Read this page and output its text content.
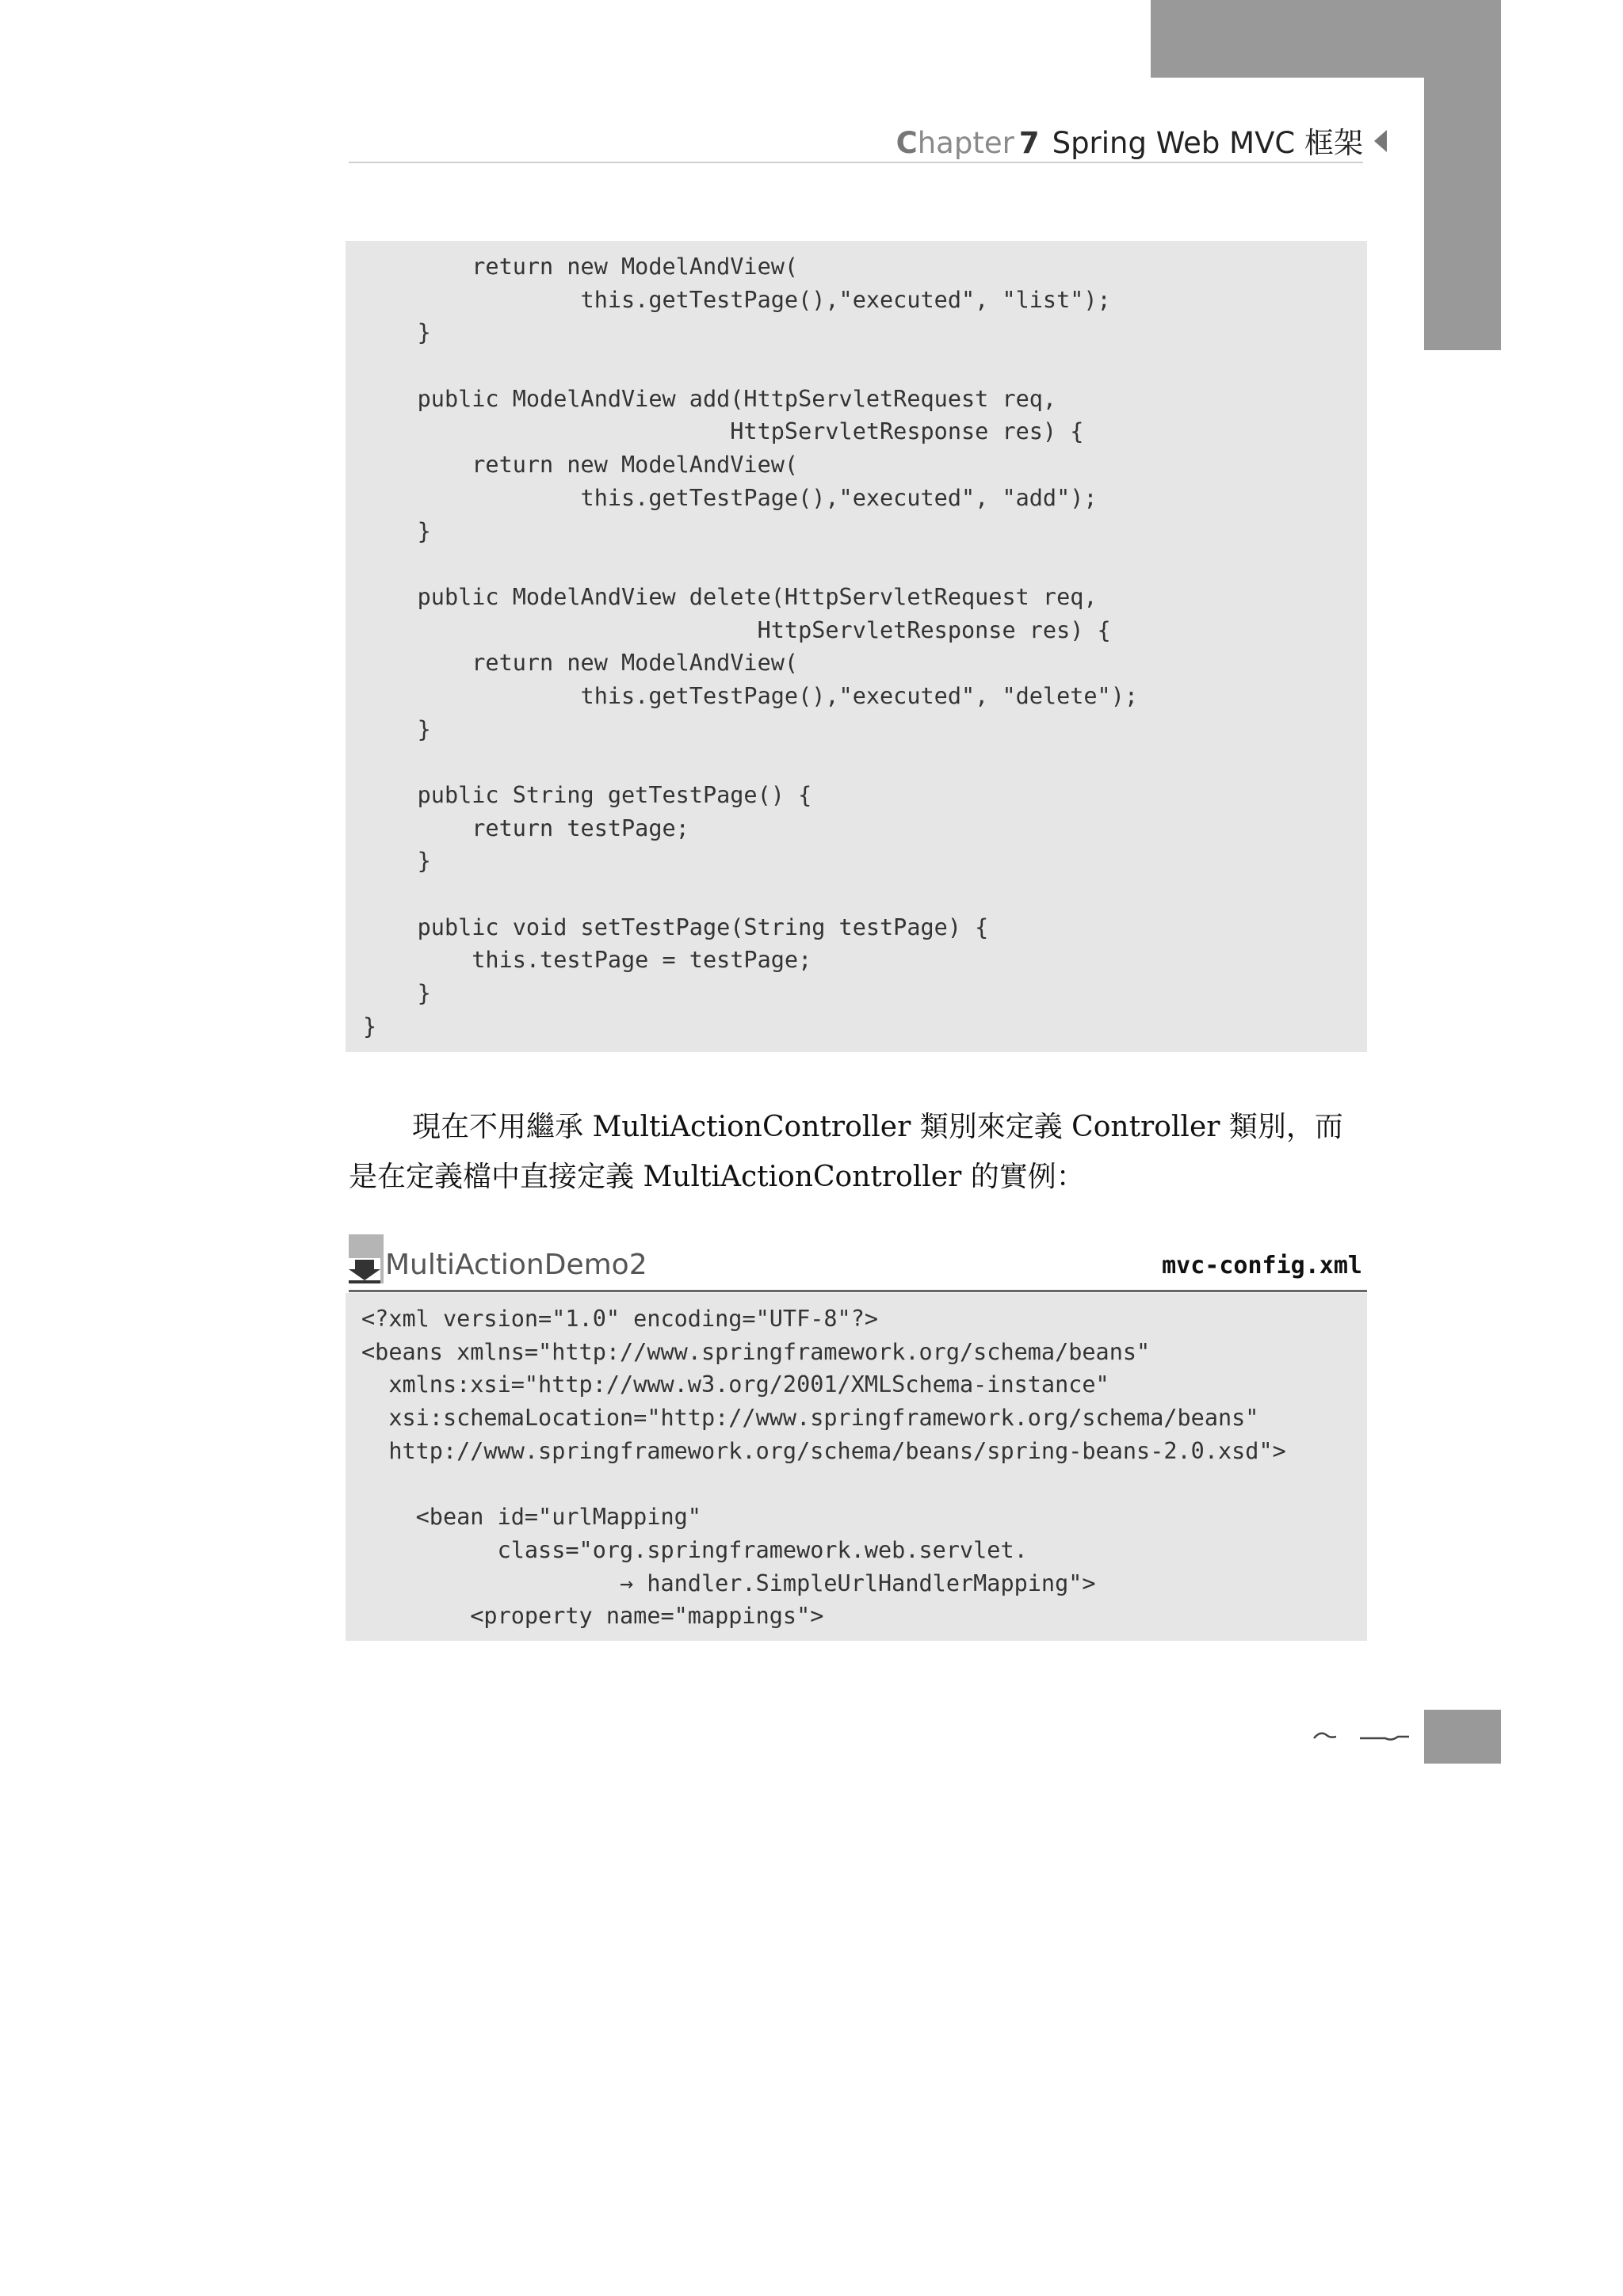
Chapter 7 Spring Web MVC 框架
return new ModelAndView(
this.getTestPage(),"executed", "list");
}
public ModelAndView add(HttpServletRequest req,
HttpServletResponse res) {
return new ModelAndView(
this.getTestPage(),"executed", "add");
}
public ModelAndView delete(HttpServletRequest req,
HttpServletResponse res) {
return new ModelAndView(
this.getTestPage(),"executed", "delete");
}
public String getTestPage() {
return testPage;
}
public void setTestPage(String testPage) {
this.testPage = testPage;
}
}
現在不用繼承 MultiActionController 類別來定義 Controller 類別，而
是在定義檔中直接定義 MultiActionController 的實例：
MultiActionDemo2	mvc-config.xml
<?xml version="1.0" encoding="UTF-8"?>
<beans xmlns="http://www.springframework.org/schema/beans"
xmlns:xsi="http://www.w3.org/2001/XMLSchema-instance"
xsi:schemaLocation="http://www.springframework.org/schema/beans"
http://www.springframework.org/schema/beans/spring-beans-2.0.xsd">
<bean id="urlMapping"
class="org.springframework.web.servlet.
→ handler.SimpleUrlHandlerMapping">
<property name="mappings">
